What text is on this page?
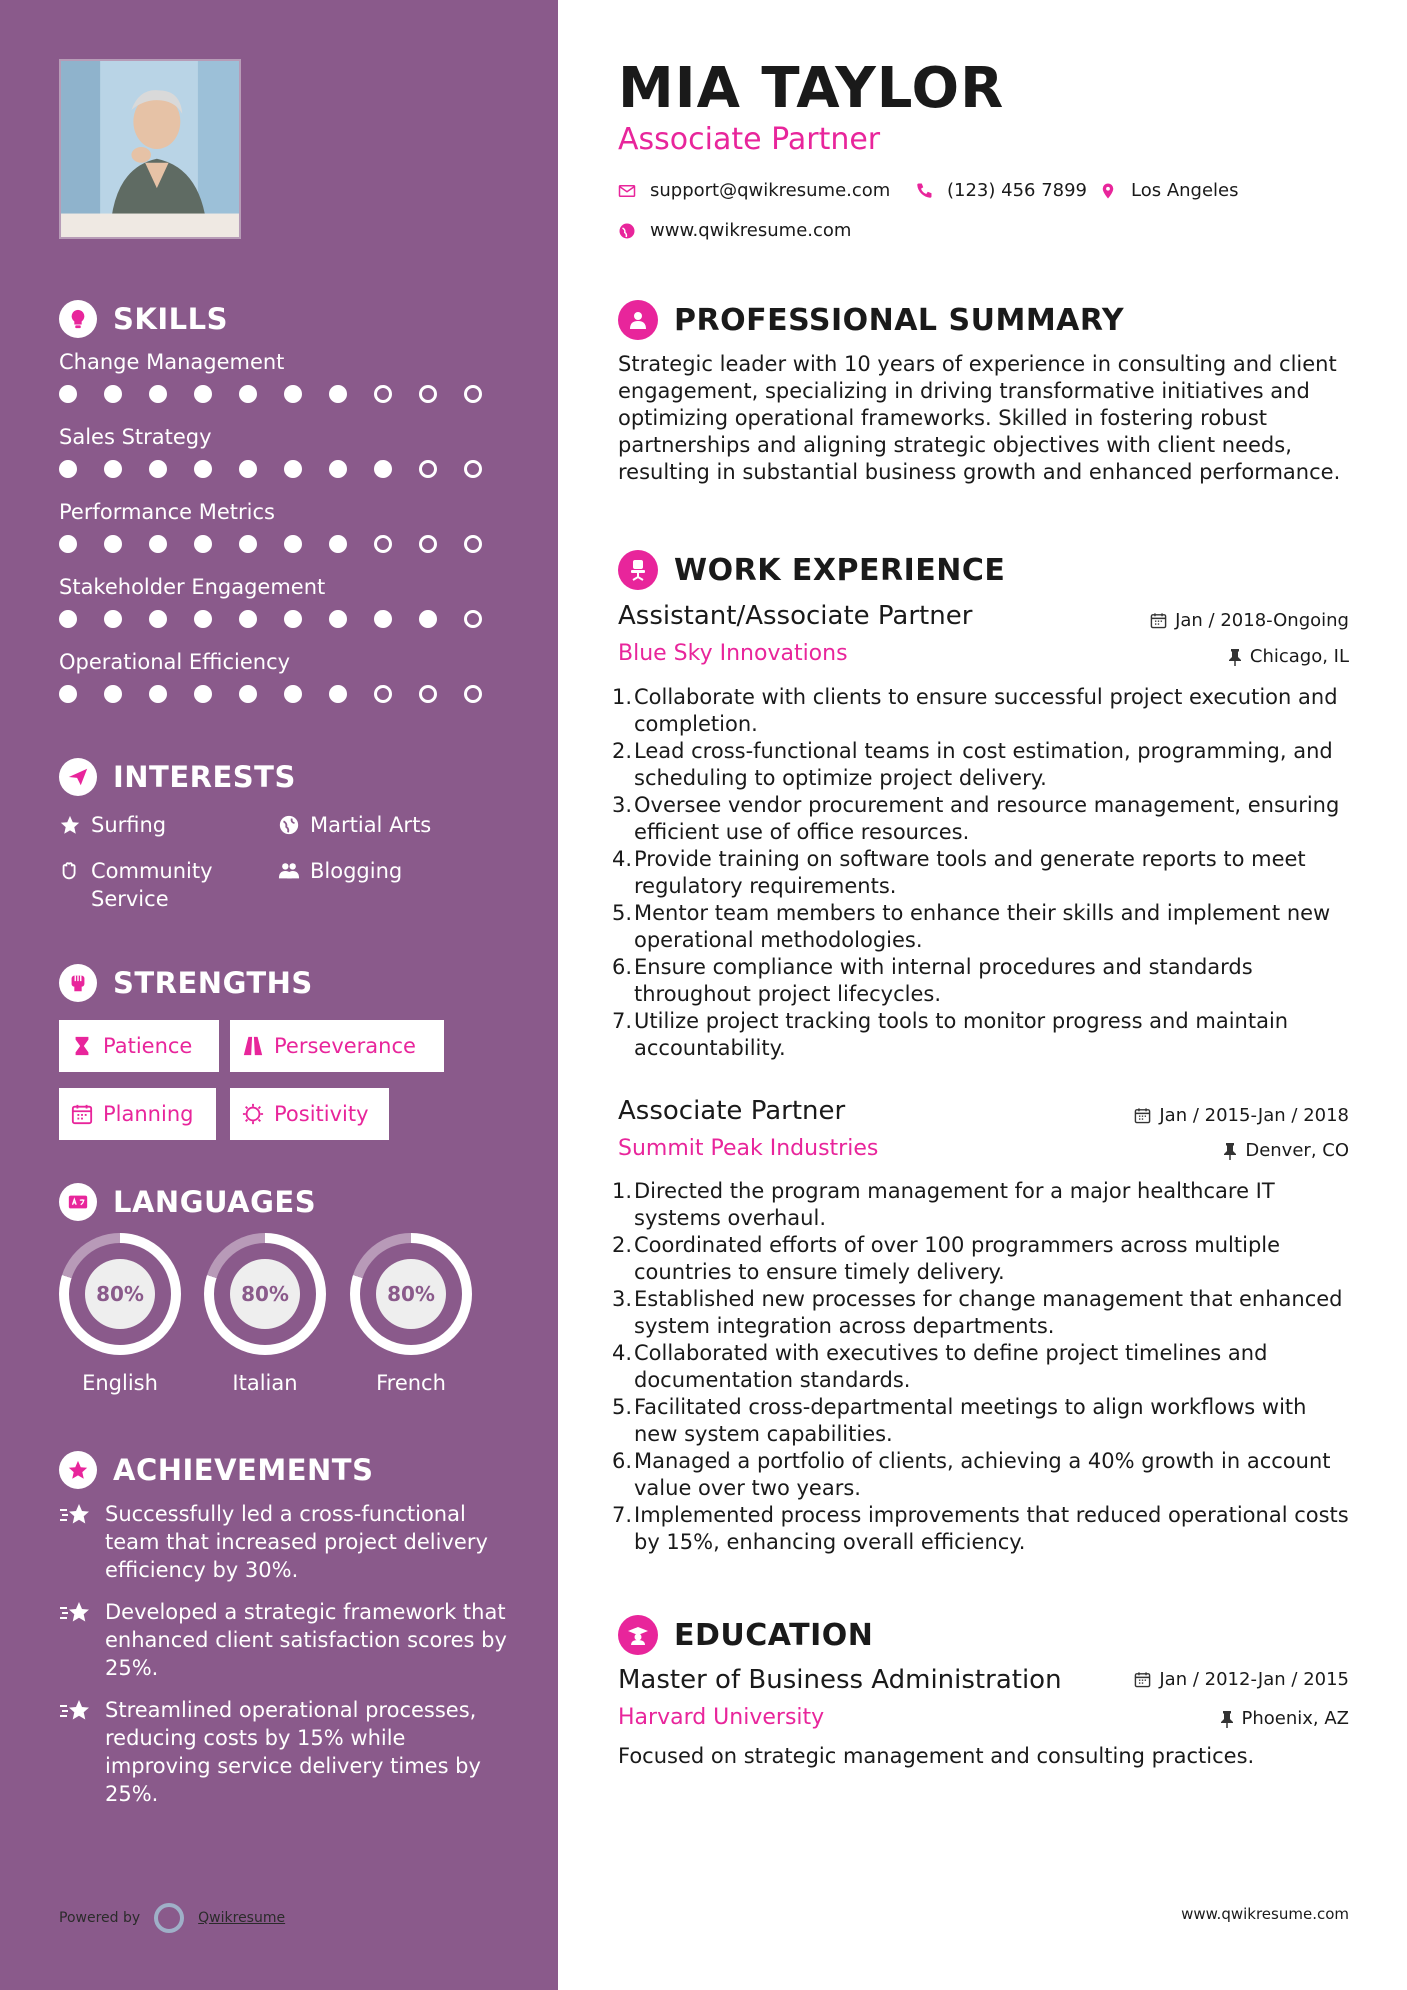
SKILLS
Change Management
Sales Strategy
Performance Metrics
Stakeholder Engagement
Operational Efficiency
INTERESTS
Surfing	Martial Arts
Community Service
Blogging
STRENGTHS
Patience	Perseverance
Planning	Positivity
LANGUAGES
80%
English
80%
Italian
80%
French
ACHIEVEMENTS
Successfully led a cross-functional team that increased project delivery efficiency by 30%.
Developed a strategic framework that enhanced client satisfaction scores by 25%.
Streamlined operational processes, reducing costs by 15% while improving service delivery times by 25%.
Powered by	Qwikresume
MIA TAYLOR
Associate Partner
support@qwikresume.com	(123) 456 7899 Los Angeles
www.qwikresume.com
PROFESSIONAL SUMMARY
Strategic leader with 10 years of experience in consulting and client engagement, specializing in driving transformative initiatives and optimizing operational frameworks. Skilled in fostering robust partnerships and aligning strategic objectives with client needs, resulting in substantial business growth and enhanced performance.
WORK EXPERIENCE
Assistant/Associate Partner	Jan / 2018-Ongoing
Blue Sky Innovations	Chicago, IL
1. Collaborate with clients to ensure successful project execution and completion.
2. Lead cross-functional teams in cost estimation, programming, and scheduling to optimize project delivery.
3. Oversee vendor procurement and resource management, ensuring efficient use of office resources.
4. Provide training on software tools and generate reports to meet regulatory requirements.
5. Mentor team members to enhance their skills and implement new operational methodologies.
6. Ensure compliance with internal procedures and standards throughout project lifecycles.
7. Utilize project tracking tools to monitor progress and maintain accountability.
Associate Partner	Jan / 2015-Jan / 2018
Summit Peak Industries	Denver, CO
1. Directed the program management for a major healthcare IT systems overhaul.
2. Coordinated efforts of over 100 programmers across multiple countries to ensure timely delivery.
3. Established new processes for change management that enhanced system integration across departments.
4. Collaborated with executives to define project timelines and documentation standards.
5. Facilitated cross-departmental meetings to align workflows with new system capabilities.
6. Managed a portfolio of clients, achieving a 40% growth in account value over two years.
7. Implemented process improvements that reduced operational costs by 15%, enhancing overall efficiency.
EDUCATION
Master of Business Administration	Jan / 2012-Jan / 2015
Harvard University	Phoenix, AZ
Focused on strategic management and consulting practices.
www.qwikresume.com
